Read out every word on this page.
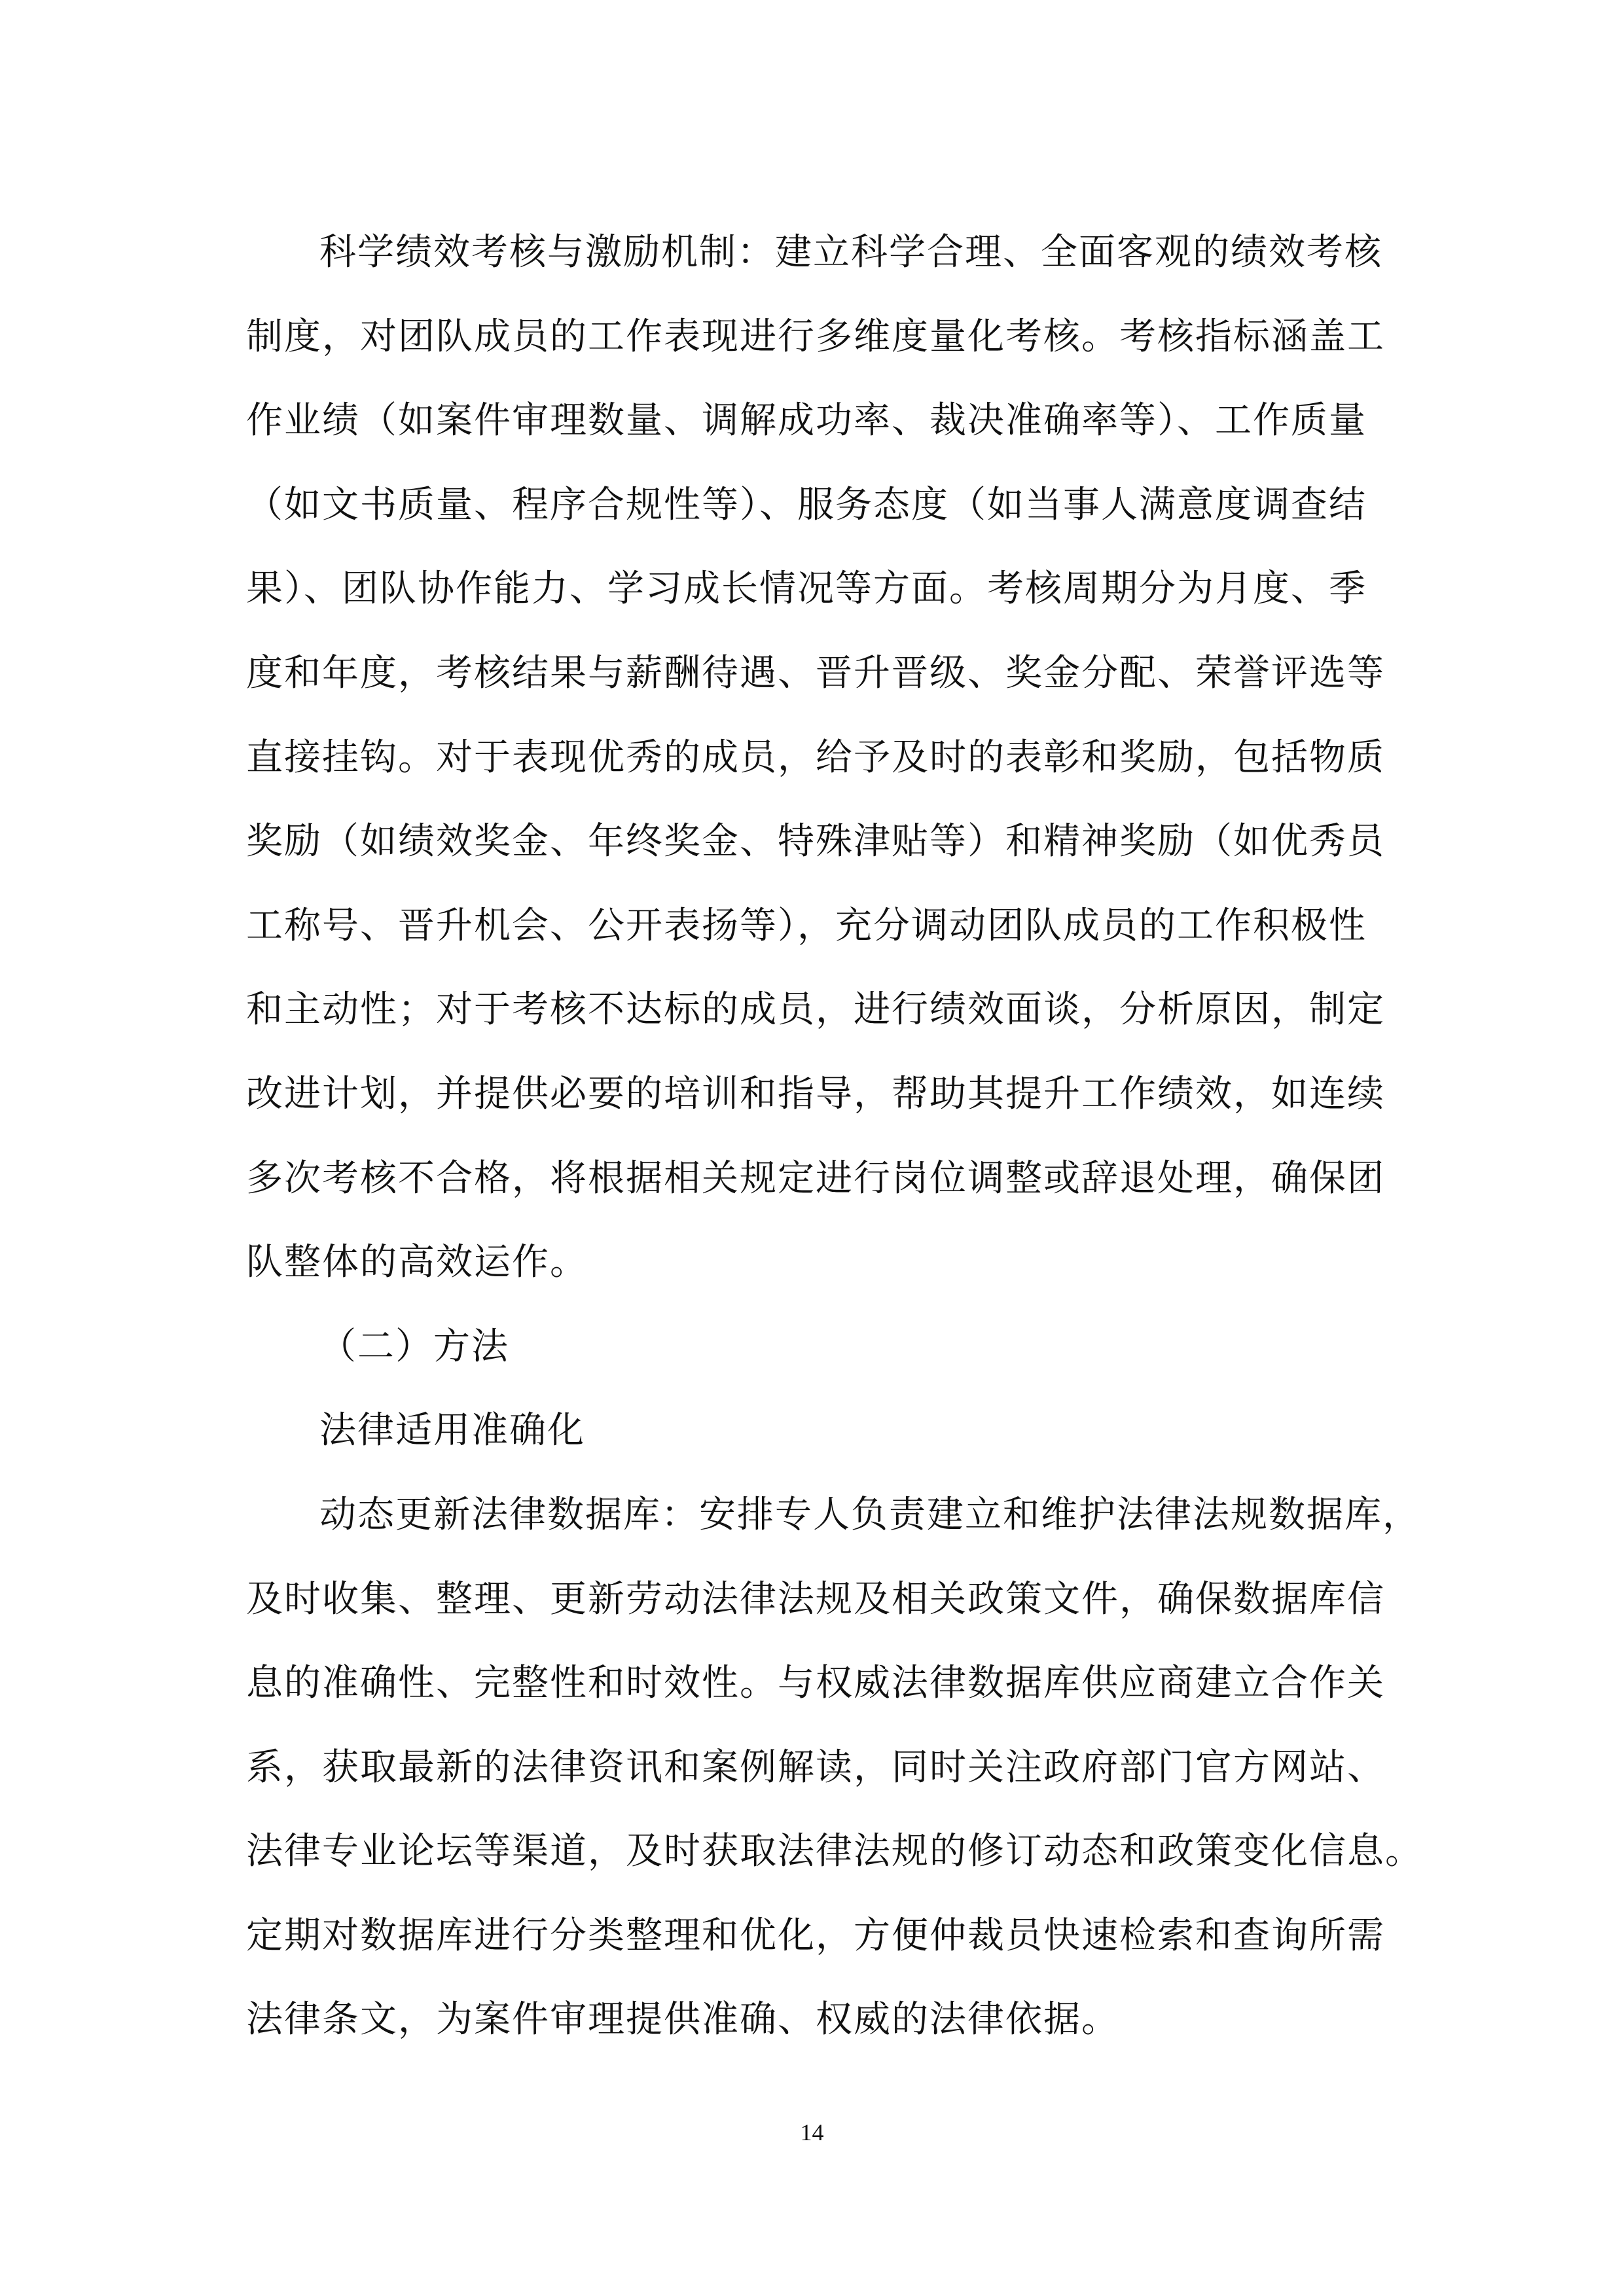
科学绩效考核与激励机制：建立科学合理、全面客观的绩效考核
制度，对团队成员的工作表现进行多维度量化考核。考核指标涵盖工
作业绩（如案件审理数量、调解成功率、裁决准确率等）、工作质量
（如文书质量、程序合规性等）、服务态度（如当事人满意度调查结
果）、团队协作能力、学习成长情况等方面。考核周期分为月度、季
度和年度，考核结果与薪酬待遇、晋升晋级、奖金分配、荣誉评选等
直接挂钩。对于表现优秀的成员，给予及时的表彰和奖励，包括物质
奖励（如绩效奖金、年终奖金、特殊津贴等）和精神奖励（如优秀员
工称号、晋升机会、公开表扬等），充分调动团队成员的工作积极性
和主动性；对于考核不达标的成员，进行绩效面谈，分析原因，制定
改进计划，并提供必要的培训和指导，帮助其提升工作绩效，如连续
多次考核不合格，将根据相关规定进行岗位调整或辞退处理，确保团
队整体的高效运作。
（二）方法
法律适用准确化
动态更新法律数据库：安排专人负责建立和维护法律法规数据库，
及时收集、整理、更新劳动法律法规及相关政策文件，确保数据库信
息的准确性、完整性和时效性。与权威法律数据库供应商建立合作关
系，获取最新的法律资讯和案例解读，同时关注政府部门官方网站、
法律专业论坛等渠道，及时获取法律法规的修订动态和政策变化信息。
定期对数据库进行分类整理和优化，方便仲裁员快速检索和查询所需
法律条文，为案件审理提供准确、权威的法律依据。
14
